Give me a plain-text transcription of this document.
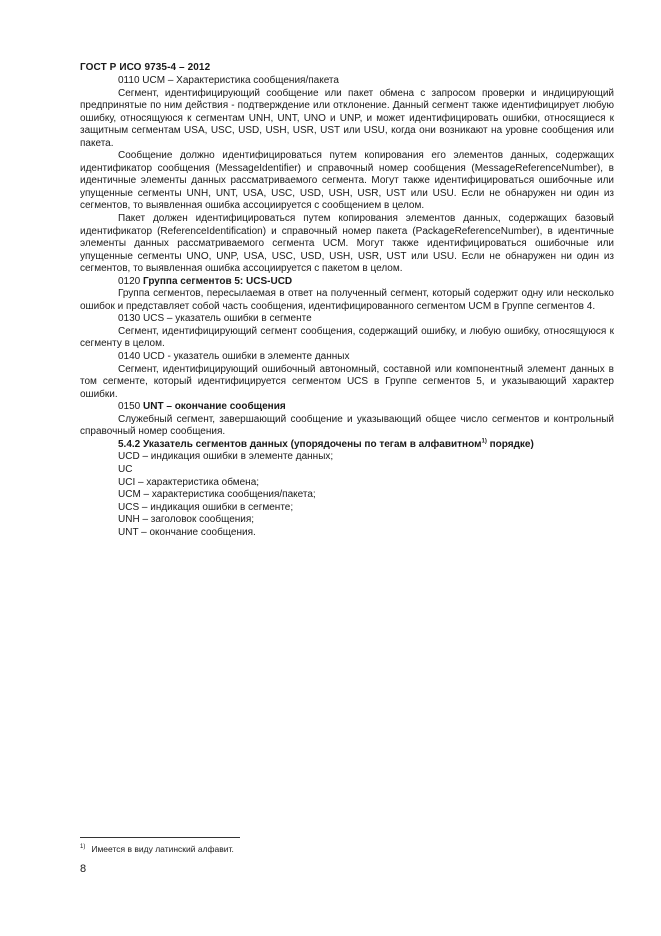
ГОСТ Р ИСО 9735-4 – 2012

0110 UCM – Характеристика сообщения/пакета

Сегмент, идентифицирующий сообщение или пакет обмена с запросом проверки и индицирующий предпринятые по ним действия - подтверждение или отклонение. Данный сегмент также идентифицирует любую ошибку, относящуюся к сегментам UNH, UNT, UNO и UNP, и может идентифицировать ошибки, относящиеся к защитным сегментам USA, USC, USD, USH, USR, UST или USU, когда они возникают на уровне сообщения или пакета.

Сообщение должно идентифицироваться путем копирования его элементов данных, содержащих идентификатор сообщения (MessageIdentifier) и справочный номер сообщения (MessageReferenceNumber), в идентичные элементы данных рассматриваемого сегмента. Могут также идентифицироваться ошибочные или упущенные сегменты UNH, UNT, USA, USC, USD, USH, USR, UST или USU. Если не обнаружен ни один из сегментов, то выявленная ошибка ассоциируется с сообщением в целом.

Пакет должен идентифицироваться путем копирования элементов данных, содержащих базовый идентификатор (ReferenceIdentification) и справочный номер пакета (PackageReferenceNumber), в идентичные элементы данных рассматриваемого сегмента UCM. Могут также идентифицироваться ошибочные или упущенные сегменты UNO, UNP, USA, USC, USD, USH, USR, UST или USU. Если не обнаружен ни один из сегментов, то выявленная ошибка ассоциируется с пакетом в целом.

0120 Группа сегментов 5: UCS-UCD

Группа сегментов, пересылаемая в ответ на полученный сегмент, который содержит одну или несколько ошибок и представляет собой часть сообщения, идентифицированного сегментом UCM в Группе сегментов 4.

0130 UCS – указатель ошибки в сегменте

Сегмент, идентифицирующий сегмент сообщения, содержащий ошибку, и любую ошибку, относящуюся к сегменту в целом.

0140 UCD - указатель ошибки в элементе данных

Сегмент, идентифицирующий ошибочный автономный, составной или компонентный элемент данных в том сегменте, который идентифицируется сегментом UCS в Группе сегментов 5, и указывающий характер ошибки.

0150 UNT – окончание сообщения

Служебный сегмент, завершающий сообщение и указывающий общее число сегментов и контрольный справочный номер сообщения.

5.4.2 Указатель сегментов данных (упорядочены по тегам в алфавитном$^{1)}$ порядке)

UCD – индикация ошибки в элементе данных;

UC

UCI – характеристика обмена;

UCM – характеристика сообщения/пакета;

UCS – индикация ошибки в сегменте;

UNH – заголовок сообщения;

UNT – окончание сообщения.

$^{1)}$ Имеется в виду латинский алфавит.
8
